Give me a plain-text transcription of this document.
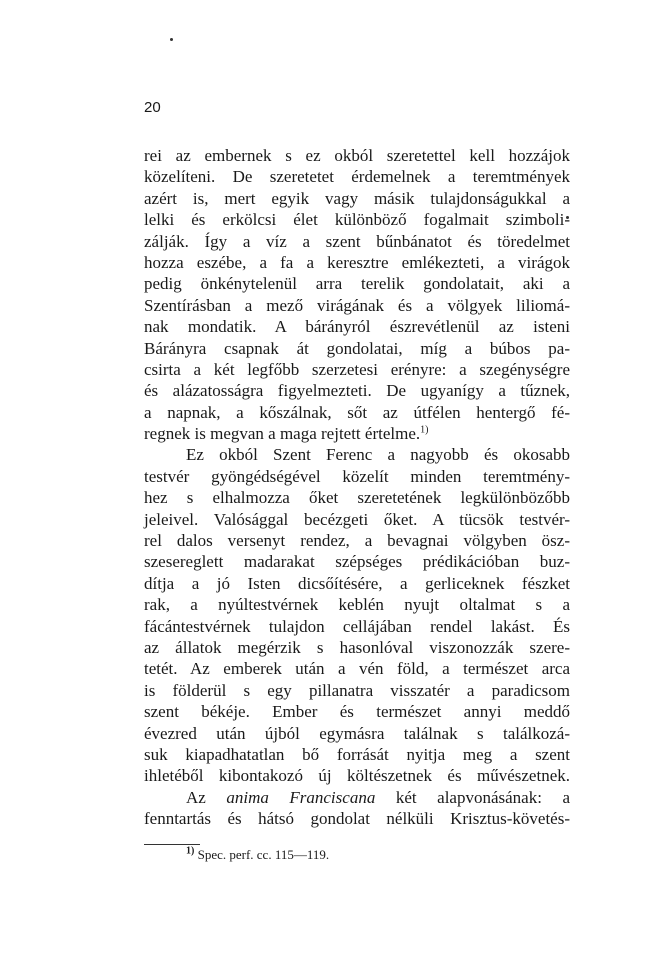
20
rei az embernek s ez okból szeretettel kell hozzájok
közelíteni. De szeretetet érdemelnek a teremtmények
azért is, mert egyik vagy másik tulajdonságukkal a
lelki és erkölcsi élet különböző fogalmait szimboli-
zálják. Így a víz a szent bűnbánatot és töredelmet
hozza eszébe, a fa a keresztre emlékezteti, a virágok
pedig önkénytelenül arra terelik gondolatait, aki a
Szentírásban a mező virágának és a völgyek liliomá-
nak mondatik. A bárányról észrevétlenül az isteni
Bárányra csapnak át gondolatai, míg a búbos pa-
csirta a két legfőbb szerzetesi erényre: a szegénységre
és alázatosságra figyelmezteti. De ugyanígy a tűznek,
a napnak, a kőszálnak, sőt az útfélen hentergő fé-
regnek is megvan a maga rejtett értelme.$^{1)}$
Ez okból Szent Ferenc a nagyobb és okosabb
testvér gyöngédségével közelít minden teremtmény-
hez s elhalmozza őket szeretetének legkülönbözőbb
jeleivel. Valósággal becézgeti őket. A tücsök testvér-
rel dalos versenyt rendez, a bevagnai völgyben ösz-
szesereglett madarakat szépséges prédikációban buz-
dítja a jó Isten dicsőítésére, a gerliceknek fészket
rak, a nyúltestvérnek keblén nyujt oltalmat s a
fácántestvérnek tulajdon cellájában rendel lakást. És
az állatok megérzik s hasonlóval viszonozzák szere-
tetét. Az emberek után a vén föld, a természet arca
is földerül s egy pillanatra visszatér a paradicsom
szent békéje. Ember és természet annyi meddő
évezred után újból egymásra találnak s találkozá-
suk kiapadhatatlan bő forrását nyitja meg a szent
ihletéből kibontakozó új költészetnek és művészetnek.
Az anima Franciscana két alapvonásának: a
fenntartás és hátsó gondolat nélküli Krisztus-követés-
$^{1)}$ Spec. perf. cc. 115—119.
